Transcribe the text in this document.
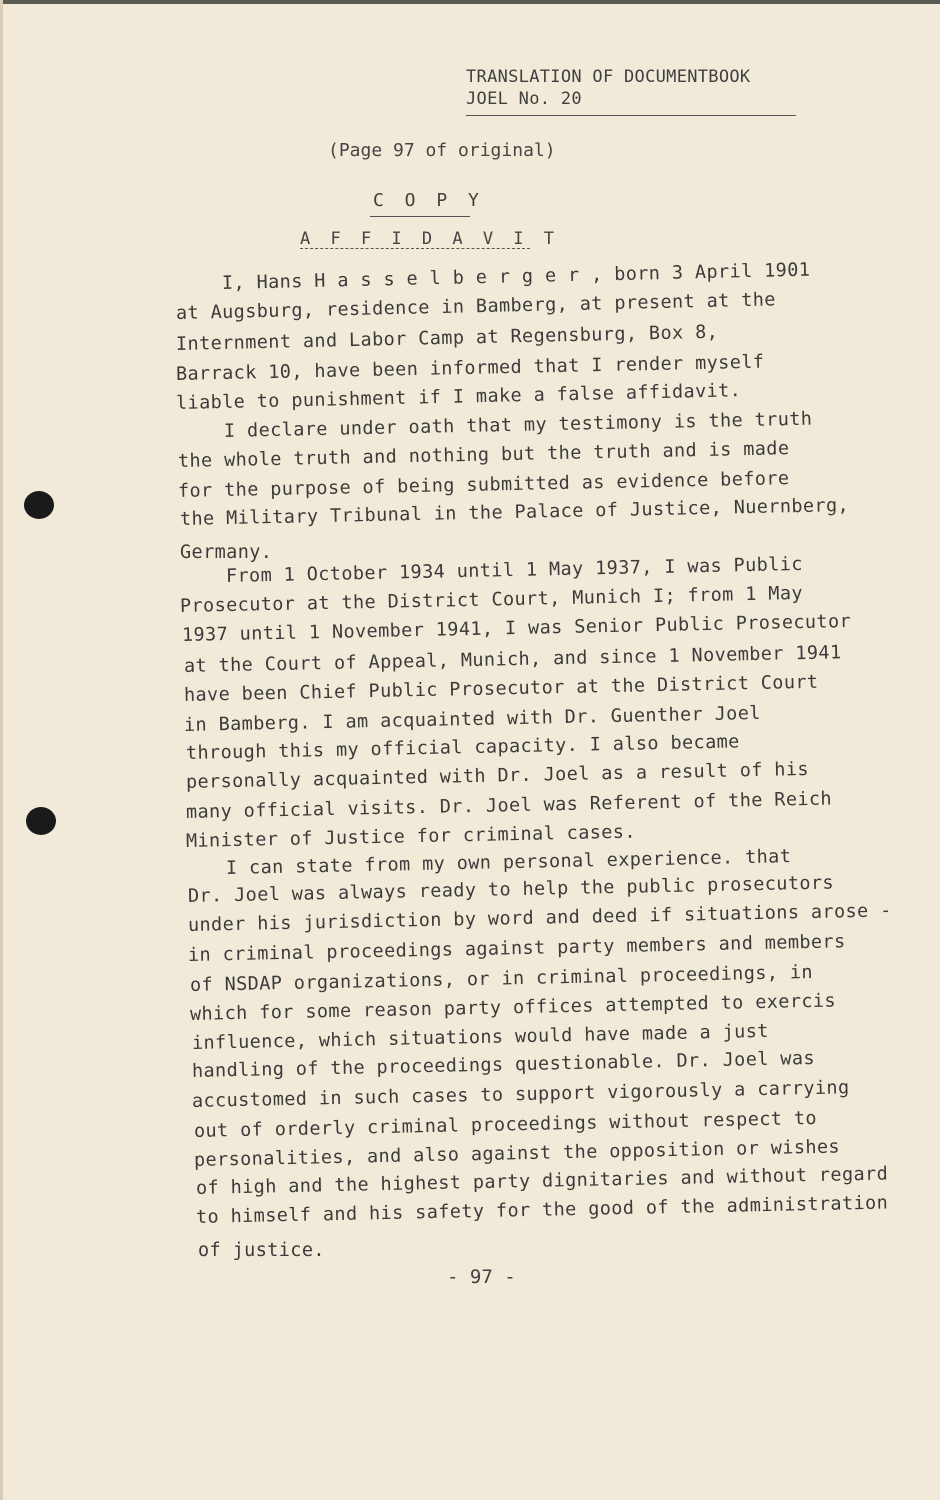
TRANSLATION OF DOCUMENTBOOK
JOEL No. 20
(Page 97 of original)
C O P Y
A F F I D A V I T
I, Hans H a s s e l b e r g e r , born 3 April 1901
at Augsburg, residence in Bamberg, at present at the
Internment and Labor Camp at Regensburg, Box 8,
Barrack 10, have been informed that I render myself
liable to punishment if I make a false affidavit.
I declare under oath that my testimony is the truth
the whole truth and nothing but the truth and is made
for the purpose of being submitted as evidence before
the Military Tribunal in the Palace of Justice, Nuernberg,
Germany.
From 1 October 1934 until 1 May 1937, I was Public
Prosecutor at the District Court, Munich I; from 1 May
1937 until 1 November 1941, I was Senior Public Prosecutor
at the Court of Appeal, Munich, and since 1 November 1941
have been Chief Public Prosecutor at the District Court
in Bamberg. I am acquainted with Dr. Guenther Joel
through this my official capacity. I also became
personally acquainted with Dr. Joel as a result of his
many official visits. Dr. Joel was Referent of the Reich
Minister of Justice for criminal cases.
I can state from my own personal experience. that
Dr. Joel was always ready to help the public prosecutors
under his jurisdiction by word and deed if situations arose -
in criminal proceedings against party members and members
of NSDAP organizations, or in criminal proceedings, in
which for some reason party offices attempted to exercis
influence, which situations would have made a just
handling of the proceedings questionable. Dr. Joel was
accustomed in such cases to support vigorously a carrying
out of orderly criminal proceedings without respect to
personalities, and also against the opposition or wishes
of high and the highest party dignitaries and without regard
to himself and his safety for the good of the administration
of justice.
- 97 -
